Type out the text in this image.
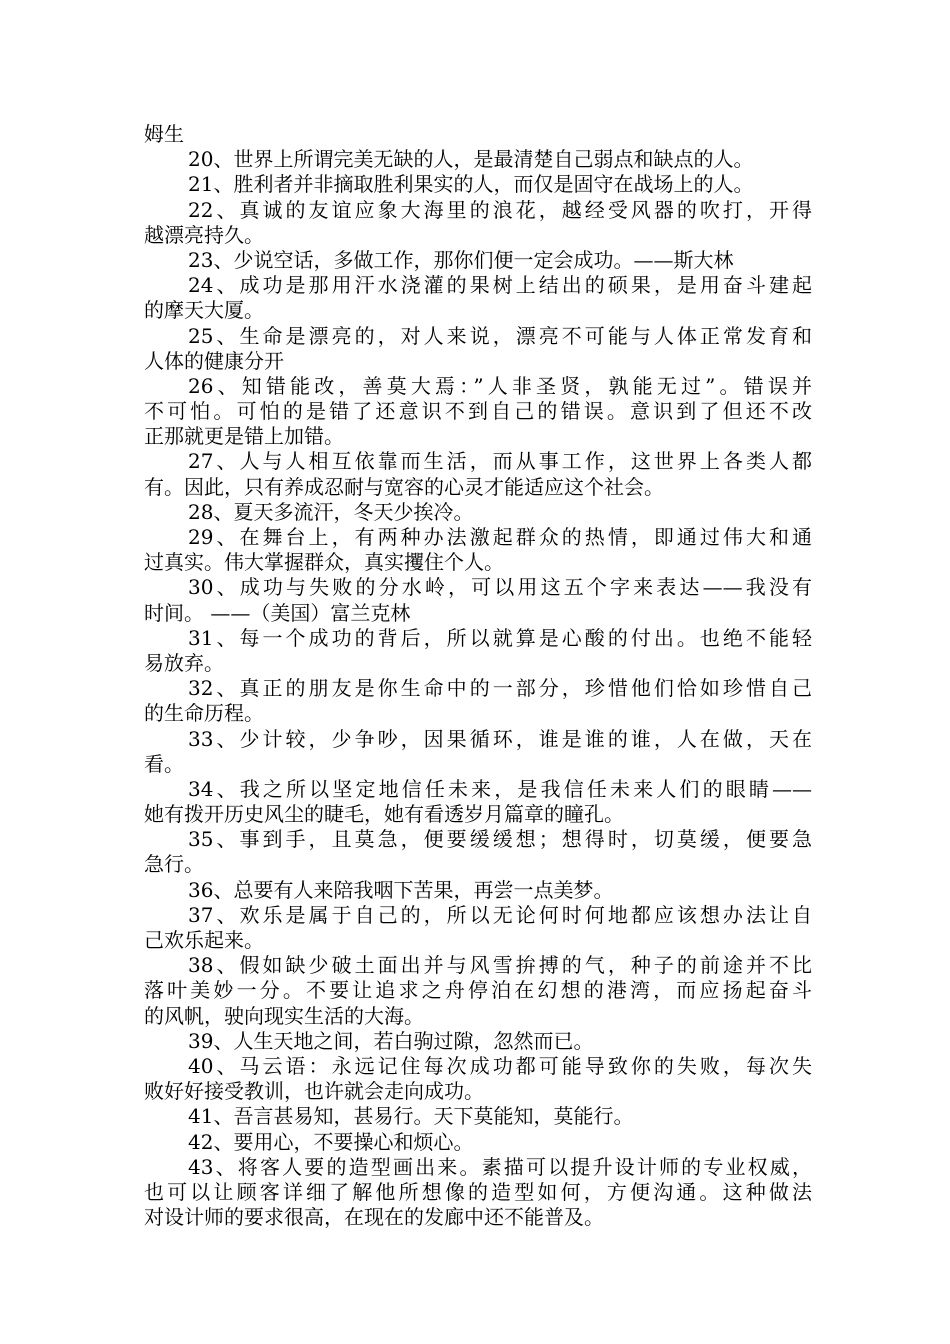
姆生
20、世界上所谓完美无缺的人，是最清楚自己弱点和缺点的人。
21、胜利者并非摘取胜利果实的人，而仅是固守在战场上的人。
22、真诚的友谊应象大海里的浪花，越经受风器的吹打，开得
越漂亮持久。
23、少说空话，多做工作，那你们便一定会成功。——斯大林
24、成功是那用汗水浇灌的果树上结出的硕果，是用奋斗建起
的摩天大厦。
25、生命是漂亮的，对人来说，漂亮不可能与人体正常发育和
人体的健康分开
26、知错能改，善莫大焉：”人非圣贤，孰能无过”。错误并
不可怕。可怕的是错了还意识不到自己的错误。意识到了但还不改
正那就更是错上加错。
27、人与人相互依靠而生活，而从事工作，这世界上各类人都
有。因此，只有养成忍耐与宽容的心灵才能适应这个社会。
28、夏天多流汗，冬天少挨冷。
29、在舞台上，有两种办法激起群众的热情，即通过伟大和通
过真实。伟大掌握群众，真实攫住个人。
30、成功与失败的分水岭，可以用这五个字来表达——我没有
时间。 ——（美国）富兰克林
31、每一个成功的背后，所以就算是心酸的付出。也绝不能轻
易放弃。
32、真正的朋友是你生命中的一部分，珍惜他们恰如珍惜自己
的生命历程。
33、少计较，少争吵，因果循环，谁是谁的谁，人在做，天在
看。
34、我之所以坚定地信任未来，是我信任未来人们的眼睛——
她有拨开历史风尘的睫毛，她有看透岁月篇章的瞳孔。
35、事到手，且莫急，便要缓缓想；想得时，切莫缓，便要急
急行。
36、总要有人来陪我咽下苦果，再尝一点美梦。
37、欢乐是属于自己的，所以无论何时何地都应该想办法让自
己欢乐起来。
38、假如缺少破土面出并与风雪拚搏的气，种子的前途并不比
落叶美妙一分。不要让追求之舟停泊在幻想的港湾，而应扬起奋斗
的风帆，驶向现实生活的大海。
39、人生天地之间，若白驹过隙，忽然而已。
40、马云语：永远记住每次成功都可能导致你的失败，每次失
败好好接受教训，也许就会走向成功。
41、吾言甚易知，甚易行。天下莫能知，莫能行。
42、要用心，不要操心和烦心。
43、将客人要的造型画出来。素描可以提升设计师的专业权威，
也可以让顾客详细了解他所想像的造型如何，方便沟通。这种做法
对设计师的要求很高，在现在的发廊中还不能普及。
